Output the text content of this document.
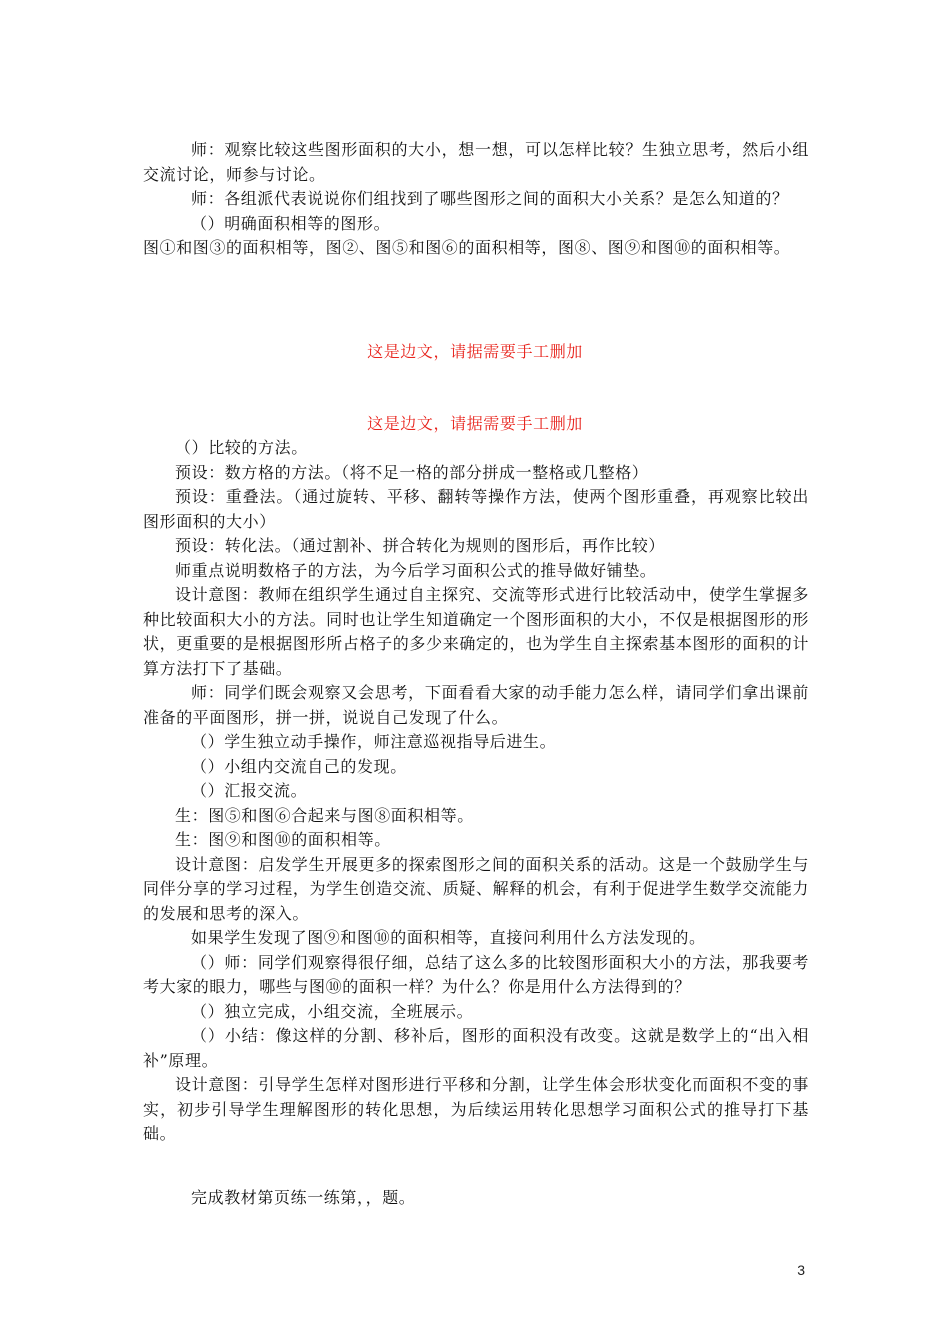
师：观察比较这些图形面积的大小，想一想，可以怎样比较？生独立思考，然后小组交流讨论，师参与讨论。

师：各组派代表说说你们组找到了哪些图形之间的面积大小关系？是怎么知道的？

（）明确面积相等的图形。

图①和图③的面积相等，图②、图⑤和图⑥的面积相等，图⑧、图⑨和图⑩的面积相等。

这是边文，请据需要手工删加
这是边文，请据需要手工删加

（）比较的方法。

预设：数方格的方法。（将不足一格的部分拼成一整格或几整格）

预设：重叠法。（通过旋转、平移、翻转等操作方法，使两个图形重叠，再观察比较出图形面积的大小）

预设：转化法。（通过割补、拼合转化为规则的图形后，再作比较）

师重点说明数格子的方法，为今后学习面积公式的推导做好铺垫。

设计意图：教师在组织学生通过自主探究、交流等形式进行比较活动中，使学生掌握多种比较面积大小的方法。同时也让学生知道确定一个图形面积的大小，不仅是根据图形的形状，更重要的是根据图形所占格子的多少来确定的，也为学生自主探索基本图形的面积的计算方法打下了基础。

师：同学们既会观察又会思考，下面看看大家的动手能力怎么样，请同学们拿出课前准备的平面图形，拼一拼，说说自己发现了什么。

（）学生独立动手操作，师注意巡视指导后进生。

（）小组内交流自己的发现。

（）汇报交流。

生：图⑤和图⑥合起来与图⑧面积相等。

生：图⑨和图⑩的面积相等。

设计意图：启发学生开展更多的探索图形之间的面积关系的活动。这是一个鼓励学生与同伴分享的学习过程，为学生创造交流、质疑、解释的机会，有利于促进学生数学交流能力的发展和思考的深入。

如果学生发现了图⑨和图⑩的面积相等，直接问利用什么方法发现的。

（）师：同学们观察得很仔细，总结了这么多的比较图形面积大小的方法，那我要考考大家的眼力，哪些与图⑩的面积一样？为什么？你是用什么方法得到的？

（）独立完成，小组交流，全班展示。

（）小结：像这样的分割、移补后，图形的面积没有改变。这就是数学上的“出入相补”原理。

设计意图：引导学生怎样对图形进行平移和分割，让学生体会形状变化而面积不变的事实，初步引导学生理解图形的转化思想，为后续运用转化思想学习面积公式的推导打下基础。

完成教材第页练一练第，，题。

3
